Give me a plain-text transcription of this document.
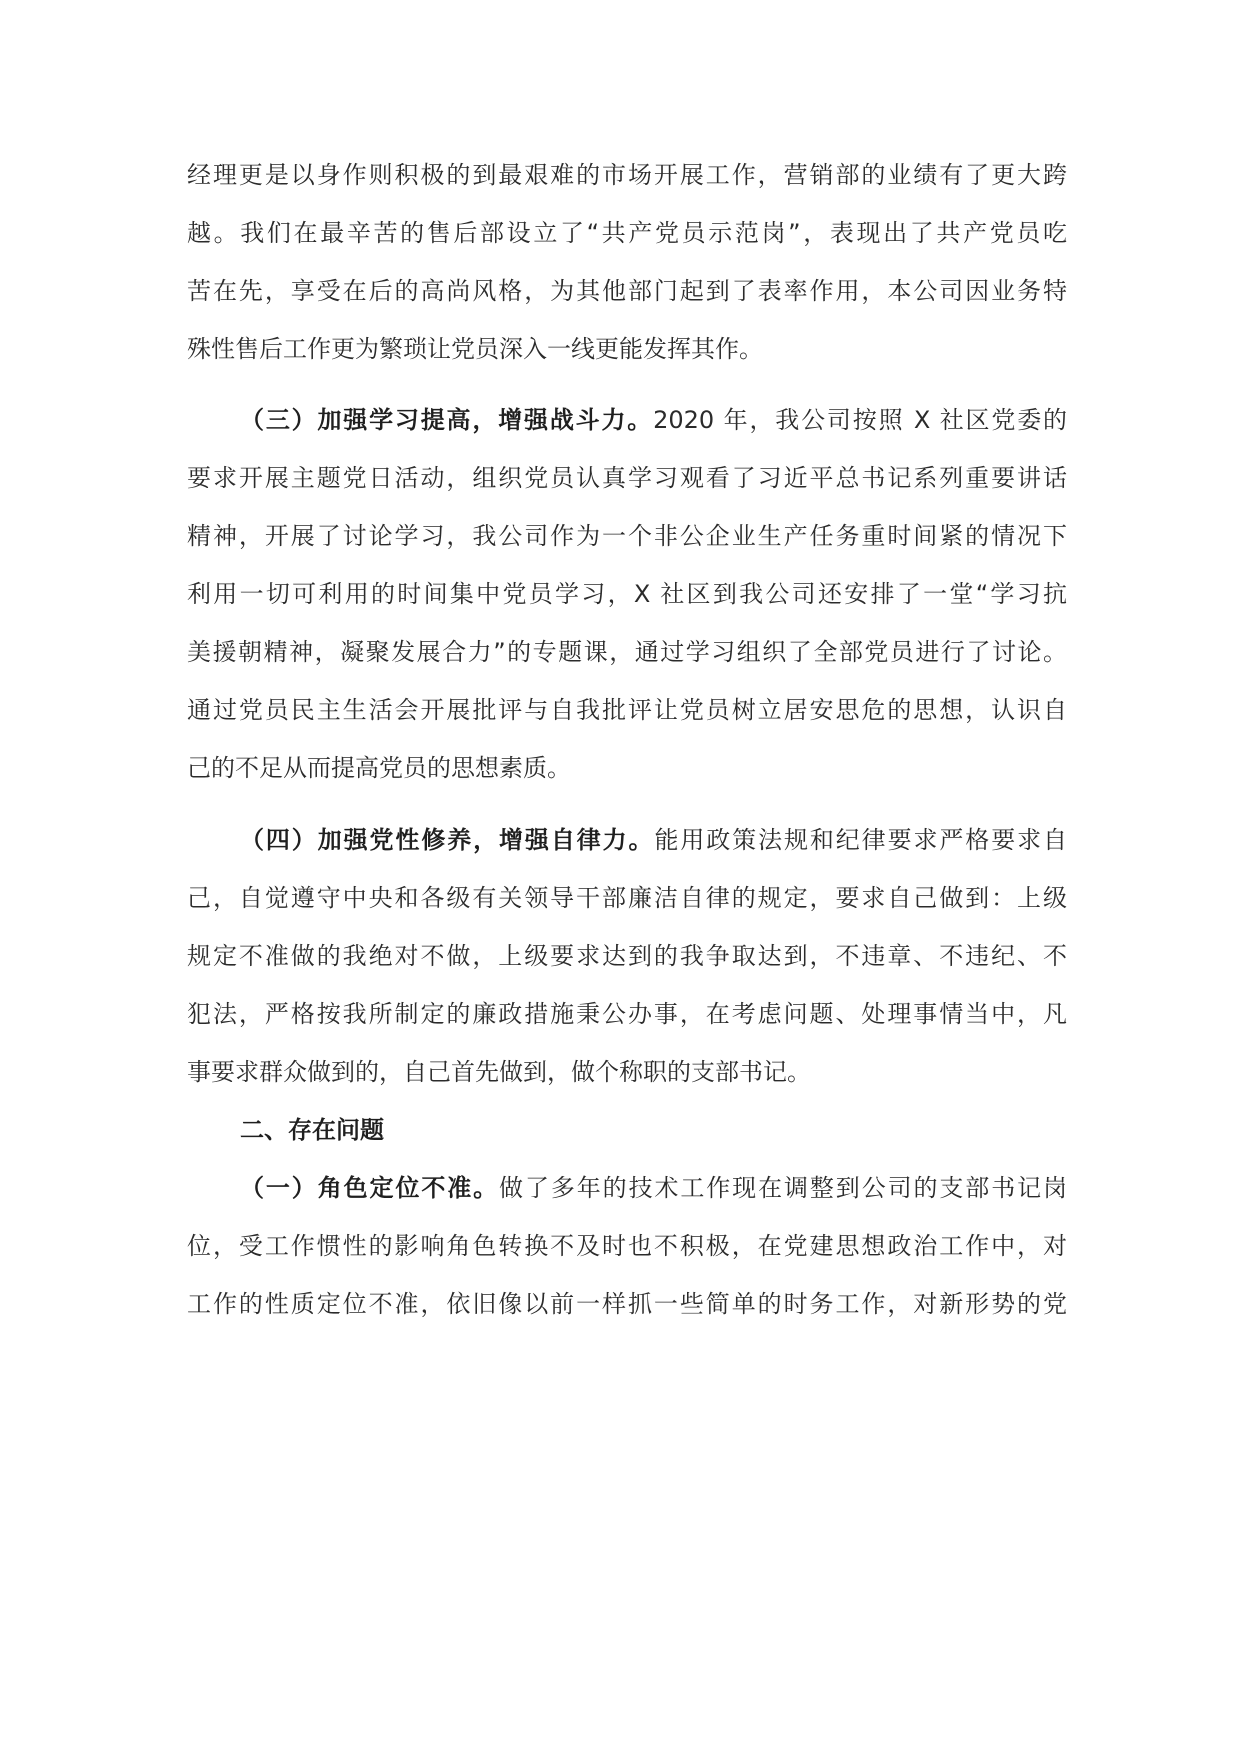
经理更是以身作则积极的到最艰难的市场开展工作，营销部的业绩有了更大跨
越。我们在最辛苦的售后部设立了“共产党员示范岗”，表现出了共产党员吃
苦在先，享受在后的高尚风格，为其他部门起到了表率作用，本公司因业务特
殊性售后工作更为繁琐让党员深入一线更能发挥其作。
（三）加强学习提高，增强战斗力。2020 年，我公司按照 X 社区党委的
要求开展主题党日活动，组织党员认真学习观看了习近平总书记系列重要讲话
精神，开展了讨论学习，我公司作为一个非公企业生产任务重时间紧的情况下
利用一切可利用的时间集中党员学习，X 社区到我公司还安排了一堂“学习抗
美援朝精神，凝聚发展合力”的专题课，通过学习组织了全部党员进行了讨论。
通过党员民主生活会开展批评与自我批评让党员树立居安思危的思想，认识自
己的不足从而提高党员的思想素质。
（四）加强党性修养，增强自律力。能用政策法规和纪律要求严格要求自
己，自觉遵守中央和各级有关领导干部廉洁自律的规定，要求自己做到：上级
规定不准做的我绝对不做，上级要求达到的我争取达到，不违章、不违纪、不
犯法，严格按我所制定的廉政措施秉公办事，在考虑问题、处理事情当中，凡
事要求群众做到的，自己首先做到，做个称职的支部书记。
二、存在问题
（一）角色定位不准。做了多年的技术工作现在调整到公司的支部书记岗
位，受工作惯性的影响角色转换不及时也不积极，在党建思想政治工作中，对
工作的性质定位不准，依旧像以前一样抓一些简单的时务工作，对新形势的党
